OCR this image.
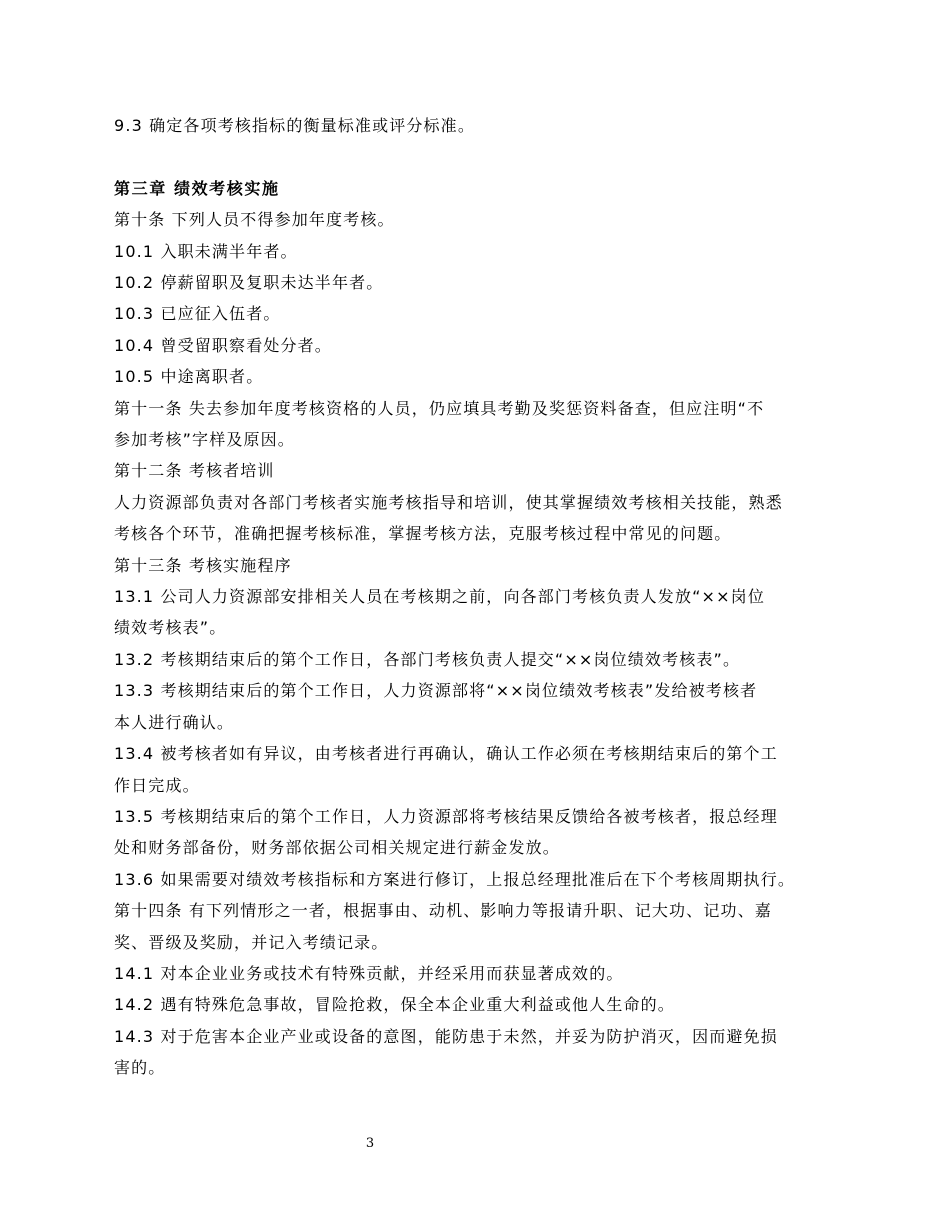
9.3 确定各项考核指标的衡量标准或评分标准。
第三章 绩效考核实施
第十条 下列人员不得参加年度考核。
10.1 入职未满半年者。
10.2 停薪留职及复职未达半年者。
10.3 已应征入伍者。
10.4 曾受留职察看处分者。
10.5 中途离职者。
第十一条 失去参加年度考核资格的人员，仍应填具考勤及奖惩资料备查，但应注明“不
参加考核”字样及原因。
第十二条 考核者培训
人力资源部负责对各部门考核者实施考核指导和培训，使其掌握绩效考核相关技能，熟悉
考核各个环节，准确把握考核标准，掌握考核方法，克服考核过程中常见的问题。
第十三条 考核实施程序
13.1 公司人力资源部安排相关人员在考核期之前，向各部门考核负责人发放“××岗位
绩效考核表”。
13.2 考核期结束后的第个工作日，各部门考核负责人提交“××岗位绩效考核表”。
13.3 考核期结束后的第个工作日，人力资源部将“××岗位绩效考核表”发给被考核者
本人进行确认。
13.4 被考核者如有异议，由考核者进行再确认，确认工作必须在考核期结束后的第个工
作日完成。
13.5 考核期结束后的第个工作日，人力资源部将考核结果反馈给各被考核者，报总经理
处和财务部备份，财务部依据公司相关规定进行薪金发放。
13.6 如果需要对绩效考核指标和方案进行修订，上报总经理批准后在下个考核周期执行。
第十四条 有下列情形之一者，根据事由、动机、影响力等报请升职、记大功、记功、嘉
奖、晋级及奖励，并记入考绩记录。
14.1 对本企业业务或技术有特殊贡献，并经采用而获显著成效的。
14.2 遇有特殊危急事故，冒险抢救，保全本企业重大利益或他人生命的。
14.3 对于危害本企业产业或设备的意图，能防患于未然，并妥为防护消灭，因而避免损
害的。
3
